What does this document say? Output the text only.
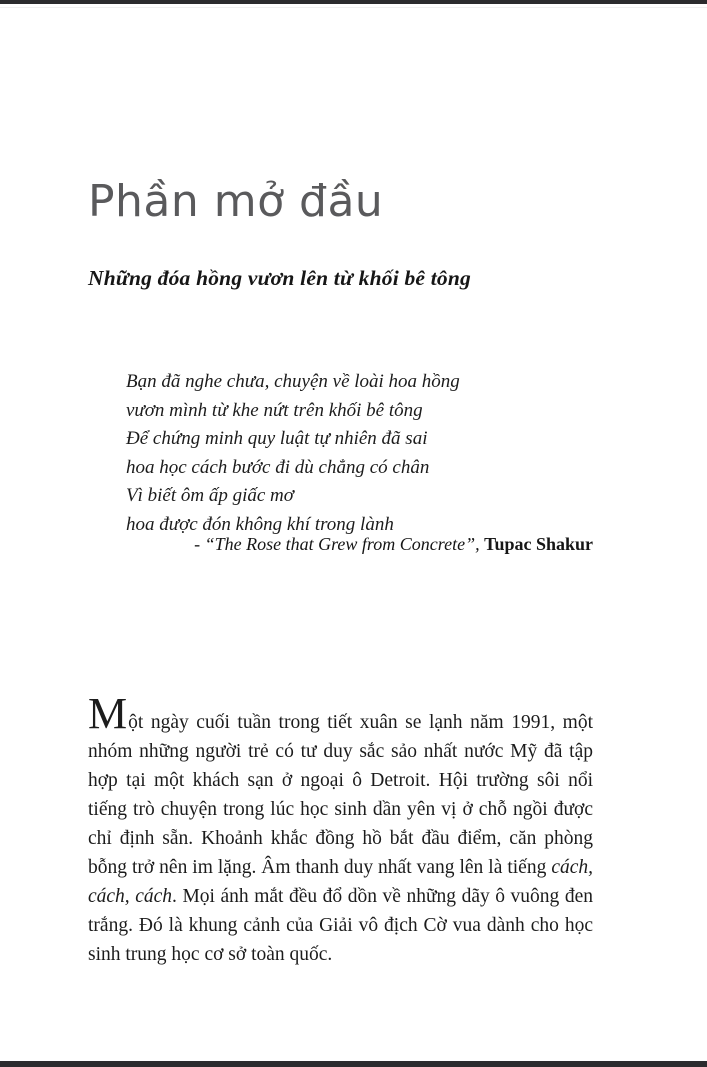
Phần mở đầu
Những đóa hồng vươn lên từ khối bê tông
Bạn đã nghe chưa, chuyện về loài hoa hồng
vươn mình từ khe nứt trên khối bê tông
Để chứng minh quy luật tự nhiên đã sai
hoa học cách bước đi dù chẳng có chân
Vì biết ôm ấp giấc mơ
hoa được đón không khí trong lành
- “The Rose that Grew from Concrete”, Tupac Shakur

Một ngày cuối tuần trong tiết xuân se lạnh năm 1991, một nhóm những người trẻ có tư duy sắc sảo nhất nước Mỹ đã tập hợp tại một khách sạn ở ngoại ô Detroit. Hội trường sôi nổi tiếng trò chuyện trong lúc học sinh dần yên vị ở chỗ ngồi được chỉ định sẵn. Khoảnh khắc đồng hồ bắt đầu điểm, căn phòng bỗng trở nên im lặng. Âm thanh duy nhất vang lên là tiếng cách, cách, cách. Mọi ánh mắt đều đổ dồn về những dãy ô vuông đen trắng. Đó là khung cảnh của Giải vô địch Cờ vua dành cho học sinh trung học cơ sở toàn quốc.
